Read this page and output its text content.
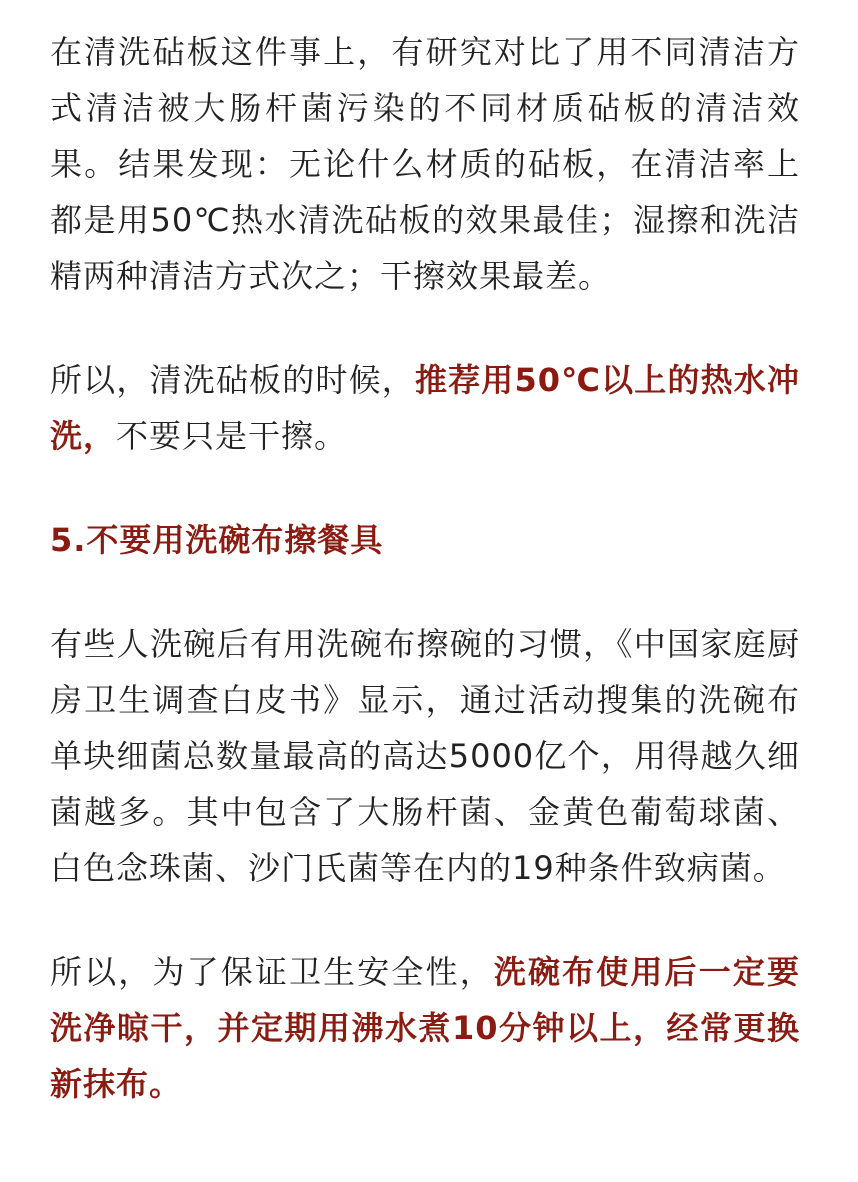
在清洗砧板这件事上，有研究对比了用不同清洁方式清洁被大肠杆菌污染的不同材质砧板的清洁效果。结果发现：无论什么材质的砧板，在清洁率上都是用50℃热水清洗砧板的效果最佳；湿擦和洗洁精两种清洁方式次之；干擦效果最差。

所以，清洗砧板的时候，推荐用50℃以上的热水冲洗，不要只是干擦。

5.不要用洗碗布擦餐具

有些人洗碗后有用洗碗布擦碗的习惯，《中国家庭厨房卫生调查白皮书》显示，通过活动搜集的洗碗布单块细菌总数量最高的高达5000亿个，用得越久细菌越多。其中包含了大肠杆菌、金黄色葡萄球菌、白色念珠菌、沙门氏菌等在内的19种条件致病菌。

所以，为了保证卫生安全性，洗碗布使用后一定要洗净晾干，并定期用沸水煮10分钟以上，经常更换新抹布。
